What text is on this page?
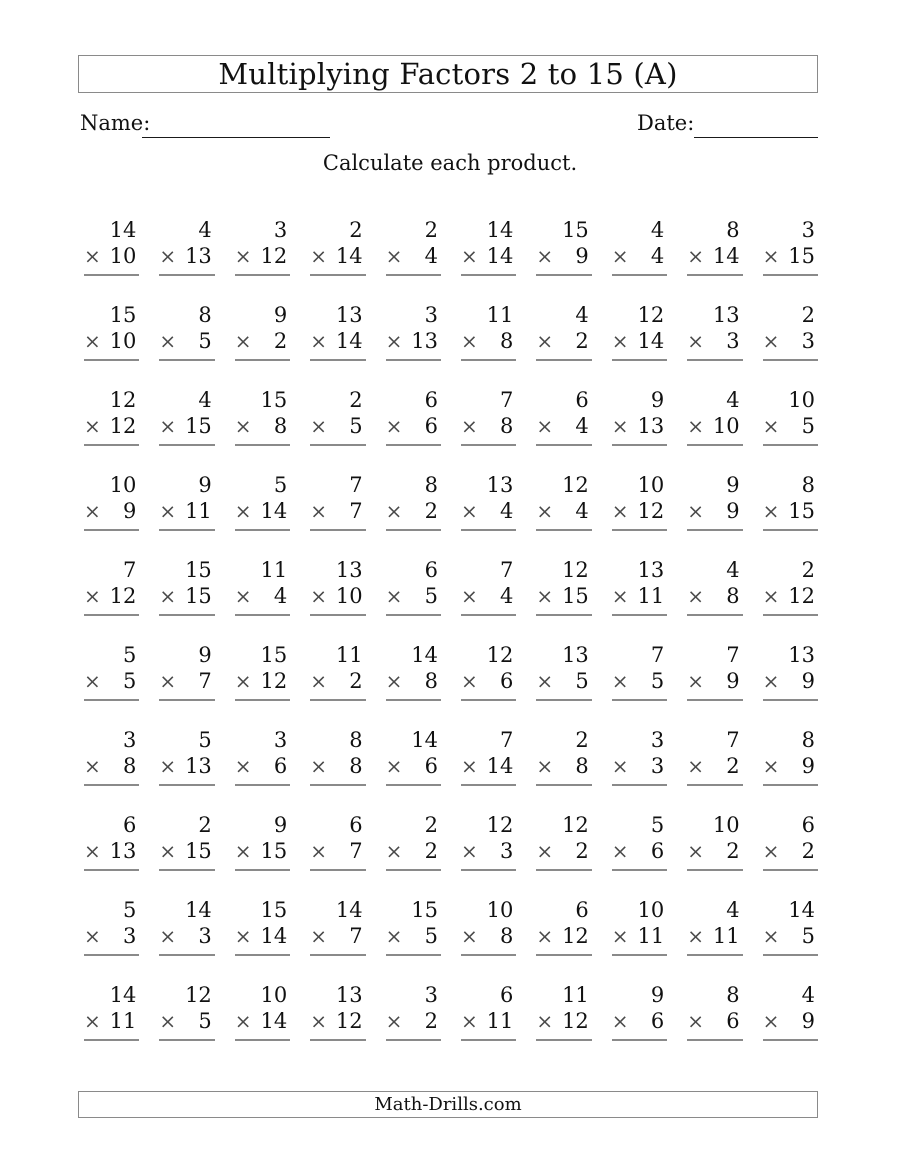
Multiplying Factors 2 to 15 (A)
Name:	Date:
Calculate each product.
14
× 10
4
× 13
3
× 12
2
× 14
2
× 4
14
× 14
15
× 9
4
× 4
8
× 14
3
× 15
15
× 10
8
× 5
9
× 2
13
× 14
3
× 13
11
× 8
4
× 2
12
× 14
13
× 3
2
× 3
12
× 12
4
× 15
15
× 8
2
× 5
6
× 6
7
× 8
6
× 4
9
× 13
4
× 10
10
× 5
10
× 9
9
× 11
5
× 14
7
× 7
8
× 2
13
× 4
12
× 4
10
× 12
9
× 9
8
× 15
7
× 12
15
× 15
11
× 4
13
× 10
6
× 5
7
× 4
12
× 15
13
× 11
4
× 8
2
× 12
5
× 5
9
× 7
15
× 12
11
× 2
14
× 8
12
× 6
13
× 5
7
× 5
7
× 9
13
× 9
3
× 8
5
× 13
3
× 6
8
× 8
14
× 6
7
× 14
2
× 8
3
× 3
7
× 2
8
× 9
6
× 13
2
× 15
9
× 15
6
× 7
2
× 2
12
× 3
12
× 2
5
× 6
10
× 2
6
× 2
5
× 3
14
× 3
15
× 14
14
× 7
15
× 5
10
× 8
6
× 12
10
× 11
4
× 11
14
× 5
14
× 11
12
× 5
10
× 14
13
× 12
3
× 2
6
× 11
11
× 12
9
× 6
8
× 6
4
× 9
Math-Drills.com
